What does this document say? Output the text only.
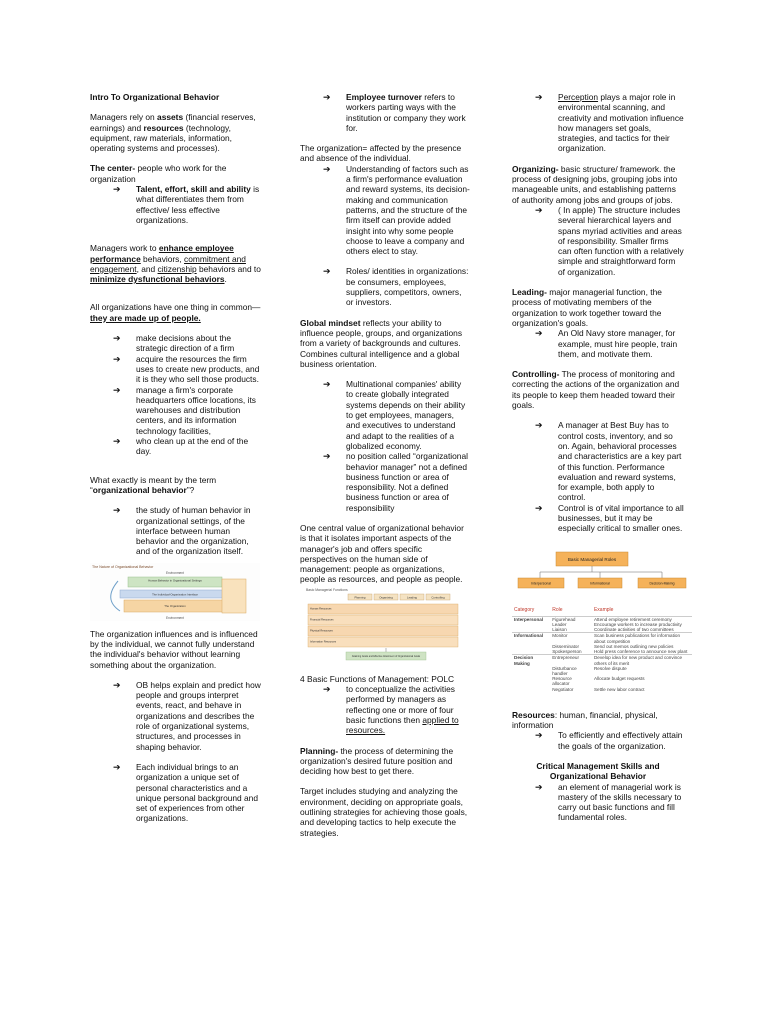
Intro To Organizational Behavior

Managers rely on assets (financial reserves, earnings) and resources (technology, equipment, raw materials, information, operating systems and processes).

The center- people who work for the organization

➔ Talent, effort, skill and ability is what differentiates them from effective/ less effective organizations.

Managers work to enhance employee performance behaviors, commitment and engagement, and citizenship behaviors and to minimize dysfunctional behaviors.

All organizations have one thing in common—they are made up of people.

➔ make decisions about the strategic direction of a firm
➔ acquire the resources the firm uses to create new products, and it is they who sell those products.
➔ manage a firm's corporate headquarters office locations, its warehouses and distribution centers, and its information technology facilities,
➔ who clean up at the end of the day.

What exactly is meant by the term “organizational behavior”?

➔ the study of human behavior in organizational settings, of the interface between human behavior and the organization, and of the organization itself.
The Nature of Organizational Behavior
Environment
Human Behavior in Organizational Settings
The Individual-Organization Interface
The Organization
Environment

The organization influences and is influenced by the individual, we cannot fully understand the individual's behavior without learning something about the organization.

➔ OB helps explain and predict how people and groups interpret events, react, and behave in organizations and describes the role of organizational systems, structures, and processes in shaping behavior.
➔ Each individual brings to an organization a unique set of personal characteristics and a unique personal background and set of experiences from other organizations.
➔ Employee turnover refers to workers parting ways with the institution or company they work for.

The organization= affected by the presence and absence of the individual.

➔ Understanding of factors such as a firm's performance evaluation and reward systems, its decision-making and communication patterns, and the structure of the firm itself can provide added insight into why some people choose to leave a company and others elect to stay.
➔ Roles/ identities in organizations: be consumers, employees, suppliers, competitors, owners, or investors.

Global mindset reflects your ability to influence people, groups, and organizations from a variety of backgrounds and cultures. Combines cultural intelligence and a global business orientation.

➔ Multinational companies' ability to create globally integrated systems depends on their ability to get employees, managers, and executives to understand and adapt to the realities of a globalized economy.
➔ no position called “organizational behavior manager” not a defined business function or area of responsibility. Not a defined business function or area of responsibility

One central value of organizational behavior is that it isolates important aspects of the manager's job and offers specific perspectives on the human side of management: people as organizations, people as resources, and people as people.

Basic Managerial Functions
Planning	Organizing	Leading	Controlling
Human Resources
Financial Resources
Physical Resources
Information Resources
Attaining Goals and Effective Attainment of Organizational Goals

4 Basic Functions of Management: POLC

➔ to conceptualize the activities performed by managers as reflecting one or more of four basic functions then applied to resources.

Planning- the process of determining the organization's desired future position and deciding how best to get there.

Target includes studying and analyzing the environment, deciding on appropriate goals, outlining strategies for achieving those goals, and developing tactics to help execute the strategies.

➔ Perception plays a major role in environmental scanning, and creativity and motivation influence how managers set goals, strategies, and tactics for their organization.

Organizing- basic structure/ framework. the process of designing jobs, grouping jobs into manageable units, and establishing patterns of authority among jobs and groups of jobs.

➔ ( In apple) The structure includes several hierarchical layers and spans myriad activities and areas of responsibility. Smaller firms can often function with a relatively simple and straightforward form of organization.

Leading- major managerial function, the process of motivating members of the organization to work together toward the organization's goals.

➔ An Old Navy store manager, for example, must hire people, train them, and motivate them.

Controlling- The process of monitoring and correcting the actions of the organization and its people to keep them headed toward their goals.

➔ A manager at Best Buy has to control costs, inventory, and so on. Again, behavioral processes and characteristics are a key part of this function. Performance evaluation and reward systems, for example, both apply to control.
➔ Control is of vital importance to all businesses, but it may be especially critical to smaller ones.
Basic Managerial Roles
Interpersonal	Informational	Decision-Making
Category	Role	Example
Interpersonal	Figurehead	Attend employee retirement ceremony
	Leader	Encourage workers to increase productivity
	Liaison	Coordinate activities of two committees
Informational	Monitor	Scan business publications for information about competition
	Disseminator	Send out memos outlining new policies
	Spokesperson	Hold press conference to announce new plant
Decision Making	Entrepreneur	Develop idea for new product and convince others of its merit
	Disturbance handler	Resolve dispute
	Resource allocator	Allocate budget requests
	Negotiator	Settle new labor contract

Resources: human, financial, physical, information

➔ To efficiently and effectively attain the goals of the organization.

Critical Management Skills and Organizational Behavior

➔ an element of managerial work is mastery of the skills necessary to carry out basic functions and fill fundamental roles.
